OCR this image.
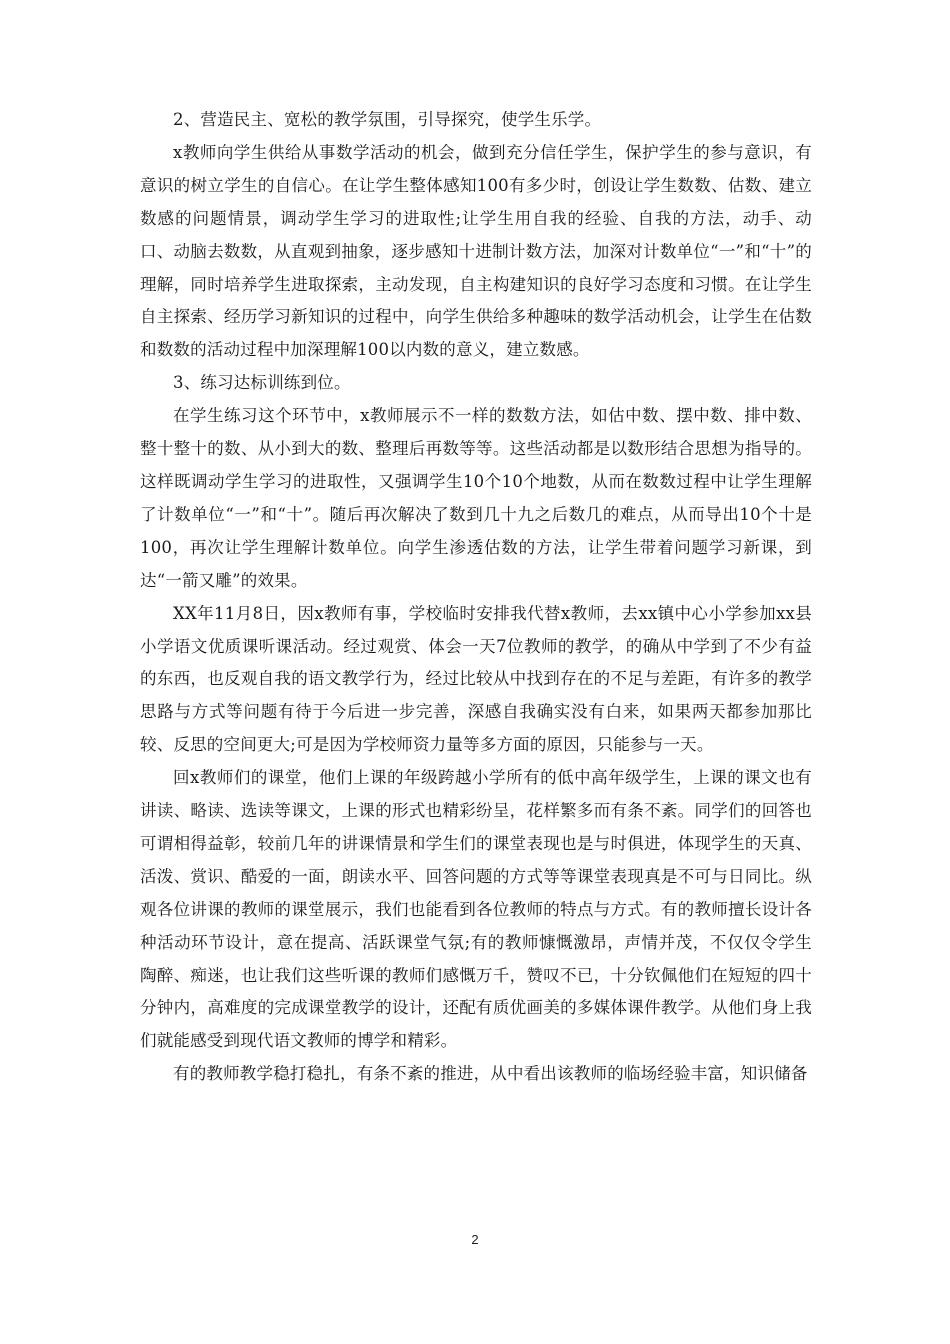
2、营造民主、宽松的教学氛围，引导探究，使学生乐学。

x教师向学生供给从事数学活动的机会，做到充分信任学生，保护学生的参与意识，有意识的树立学生的自信心。在让学生整体感知100有多少时，创设让学生数数、估数、建立数感的问题情景，调动学生学习的进取性;让学生用自我的经验、自我的方法，动手、动口、动脑去数数，从直观到抽象，逐步感知十进制计数方法，加深对计数单位“一”和“十”的理解，同时培养学生进取探索，主动发现，自主构建知识的良好学习态度和习惯。在让学生自主探索、经历学习新知识的过程中，向学生供给多种趣味的数学活动机会，让学生在估数和数数的活动过程中加深理解100以内数的意义，建立数感。

3、练习达标训练到位。

在学生练习这个环节中，x教师展示不一样的数数方法，如估中数、摆中数、排中数、整十整十的数、从小到大的数、整理后再数等等。这些活动都是以数形结合思想为指导的。这样既调动学生学习的进取性，又强调学生10个10个地数，从而在数数过程中让学生理解了计数单位“一”和“十”。随后再次解决了数到几十九之后数几的难点，从而导出10个十是100，再次让学生理解计数单位。向学生渗透估数的方法，让学生带着问题学习新课，到达“一箭又雕”的效果。

XX年11月8日，因x教师有事，学校临时安排我代替x教师，去xx镇中心小学参加xx县小学语文优质课听课活动。经过观赏、体会一天7位教师的教学，的确从中学到了不少有益的东西，也反观自我的语文教学行为，经过比较从中找到存在的不足与差距，有许多的教学思路与方式等问题有待于今后进一步完善，深感自我确实没有白来，如果两天都参加那比较、反思的空间更大;可是因为学校师资力量等多方面的原因，只能参与一天。

回x教师们的课堂，他们上课的年级跨越小学所有的低中高年级学生，上课的课文也有讲读、略读、选读等课文，上课的形式也精彩纷呈，花样繁多而有条不紊。同学们的回答也可谓相得益彰，较前几年的讲课情景和学生们的课堂表现也是与时俱进，体现学生的天真、活泼、赏识、酷爱的一面，朗读水平、回答问题的方式等等课堂表现真是不可与日同比。纵观各位讲课的教师的课堂展示，我们也能看到各位教师的特点与方式。有的教师擅长设计各种活动环节设计，意在提高、活跃课堂气氛;有的教师慷慨激昂，声情并茂，不仅仅令学生陶醉、痴迷，也让我们这些听课的教师们感慨万千，赞叹不已，十分钦佩他们在短短的四十分钟内，高难度的完成课堂教学的设计，还配有质优画美的多媒体课件教学。从他们身上我们就能感受到现代语文教师的博学和精彩。

有的教师教学稳打稳扎，有条不紊的推进，从中看出该教师的临场经验丰富，知识储备

2
